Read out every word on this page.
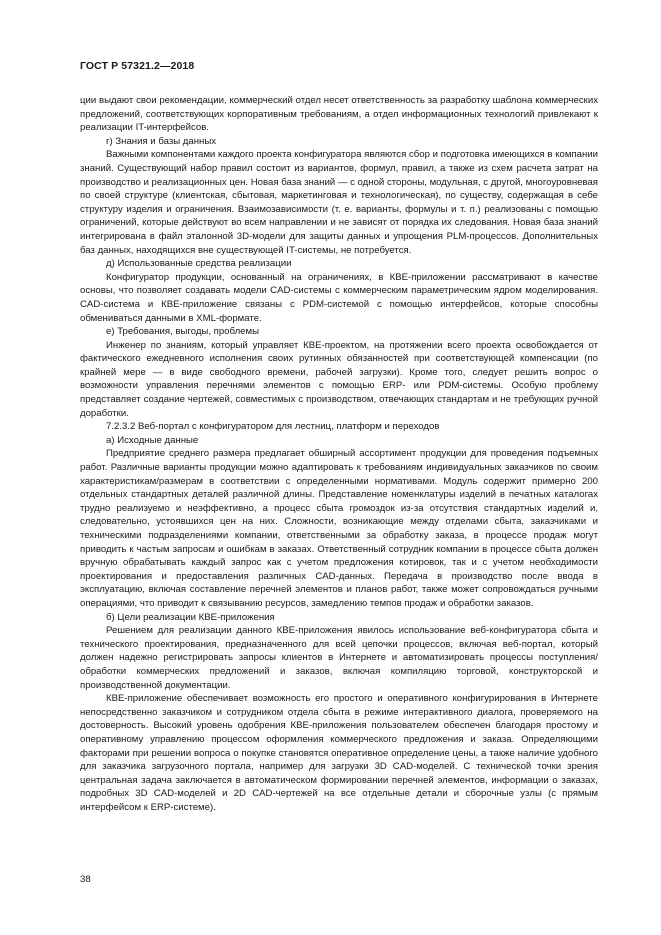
ГОСТ Р 57321.2—2018

ции выдают свои рекомендации, коммерческий отдел несет ответственность за разработку шаблона коммерческих предложений, соответствующих корпоративным требованиям, а отдел информационных технологий привлекают к реализации IT-интерфейсов.

г) Знания и базы данных

Важными компонентами каждого проекта конфигуратора являются сбор и подготовка имеющихся в компании знаний. Существующий набор правил состоит из вариантов, формул, правил, а также из схем расчета затрат на производство и реализационных цен. Новая база знаний — с одной стороны, модульная, с другой, многоуровневая по своей структуре (клиентская, сбытовая, маркетинговая и технологическая), по существу, содержащая в себе структуру изделия и ограничения. Взаимозависимости (т. е. варианты, формулы и т. п.) реализованы с помощью ограничений, которые действуют во всем направлении и не зависят от порядка их следования. Новая база знаний интегрирована в файл эталонной 3D-модели для защиты данных и упрощения PLM-процессов. Дополнительных баз данных, находящихся вне существующей IT-системы, не потребуется.

д) Использованные средства реализации

Конфигуратор продукции, основанный на ограничениях, в КВЕ-приложении рассматривают в качестве основы, что позволяет создавать модели CAD-системы с коммерческим параметрическим ядром моделирования. CAD-система и КВЕ-приложение связаны с PDM-системой с помощью интерфейсов, которые способны обмениваться данными в XML-формате.

е) Требования, выгоды, проблемы

Инженер по знаниям, который управляет КВЕ-проектом, на протяжении всего проекта освобождается от фактического ежедневного исполнения своих рутинных обязанностей при соответствующей компенсации (по крайней мере — в виде свободного времени, рабочей загрузки). Кроме того, следует решить вопрос о возможности управления перечнями элементов с помощью ERP- или PDM-системы. Особую проблему представляет создание чертежей, совместимых с производством, отвечающих стандартам и не требующих ручной доработки.

7.2.3.2 Веб-портал с конфигуратором для лестниц, платформ и переходов

а) Исходные данные

Предприятие среднего размера предлагает обширный ассортимент продукции для проведения подъемных работ. Различные варианты продукции можно адаптировать к требованиям индивидуальных заказчиков по своим характеристикам/размерам в соответствии с определенными нормативами. Модуль содержит примерно 200 отдельных стандартных деталей различной длины. Представление номенклатуры изделий в печатных каталогах трудно реализуемо и неэффективно, а процесс сбыта громоздок из-за отсутствия стандартных изделий и, следовательно, устоявшихся цен на них. Сложности, возникающие между отделами сбыта, заказчиками и техническими подразделениями компании, ответственными за обработку заказа, в процессе продаж могут приводить к частым запросам и ошибкам в заказах. Ответственный сотрудник компании в процессе сбыта должен вручную обрабатывать каждый запрос как с учетом предложения котировок, так и с учетом необходимости проектирования и предоставления различных CAD-данных. Передача в производство после ввода в эксплуатацию, включая составление перечней элементов и планов работ, также может сопровождаться ручными операциями, что приводит к связыванию ресурсов, замедлению темпов продаж и обработки заказов.

б) Цели реализации КВЕ-приложения

Решением для реализации данного КВЕ-приложения явилось использование веб-конфигуратора сбыта и технического проектирования, предназначенного для всей цепочки процессов, включая веб-портал, который должен надежно регистрировать запросы клиентов в Интернете и автоматизировать процессы поступления/обработки коммерческих предложений и заказов, включая компиляцию торговой, конструкторской и производственной документации.

КВЕ-приложение обеспечивает возможность его простого и оперативного конфигурирования в Интернете непосредственно заказчиком и сотрудником отдела сбыта в режиме интерактивного диалога, проверяемого на достоверность. Высокий уровень одобрения КВЕ-приложения пользователем обеспечен благодаря простому и оперативному управлению процессом оформления коммерческого предложения и заказа. Определяющими факторами при решении вопроса о покупке становятся оперативное определение цены, а также наличие удобного для заказчика загрузочного портала, например для загрузки 3D CAD-моделей. С технической точки зрения центральная задача заключается в автоматическом формировании перечней элементов, информации о заказах, подробных 3D CAD-моделей и 2D CAD-чертежей на все отдельные детали и сборочные узлы (с прямым интерфейсом к ERP-системе).

38
